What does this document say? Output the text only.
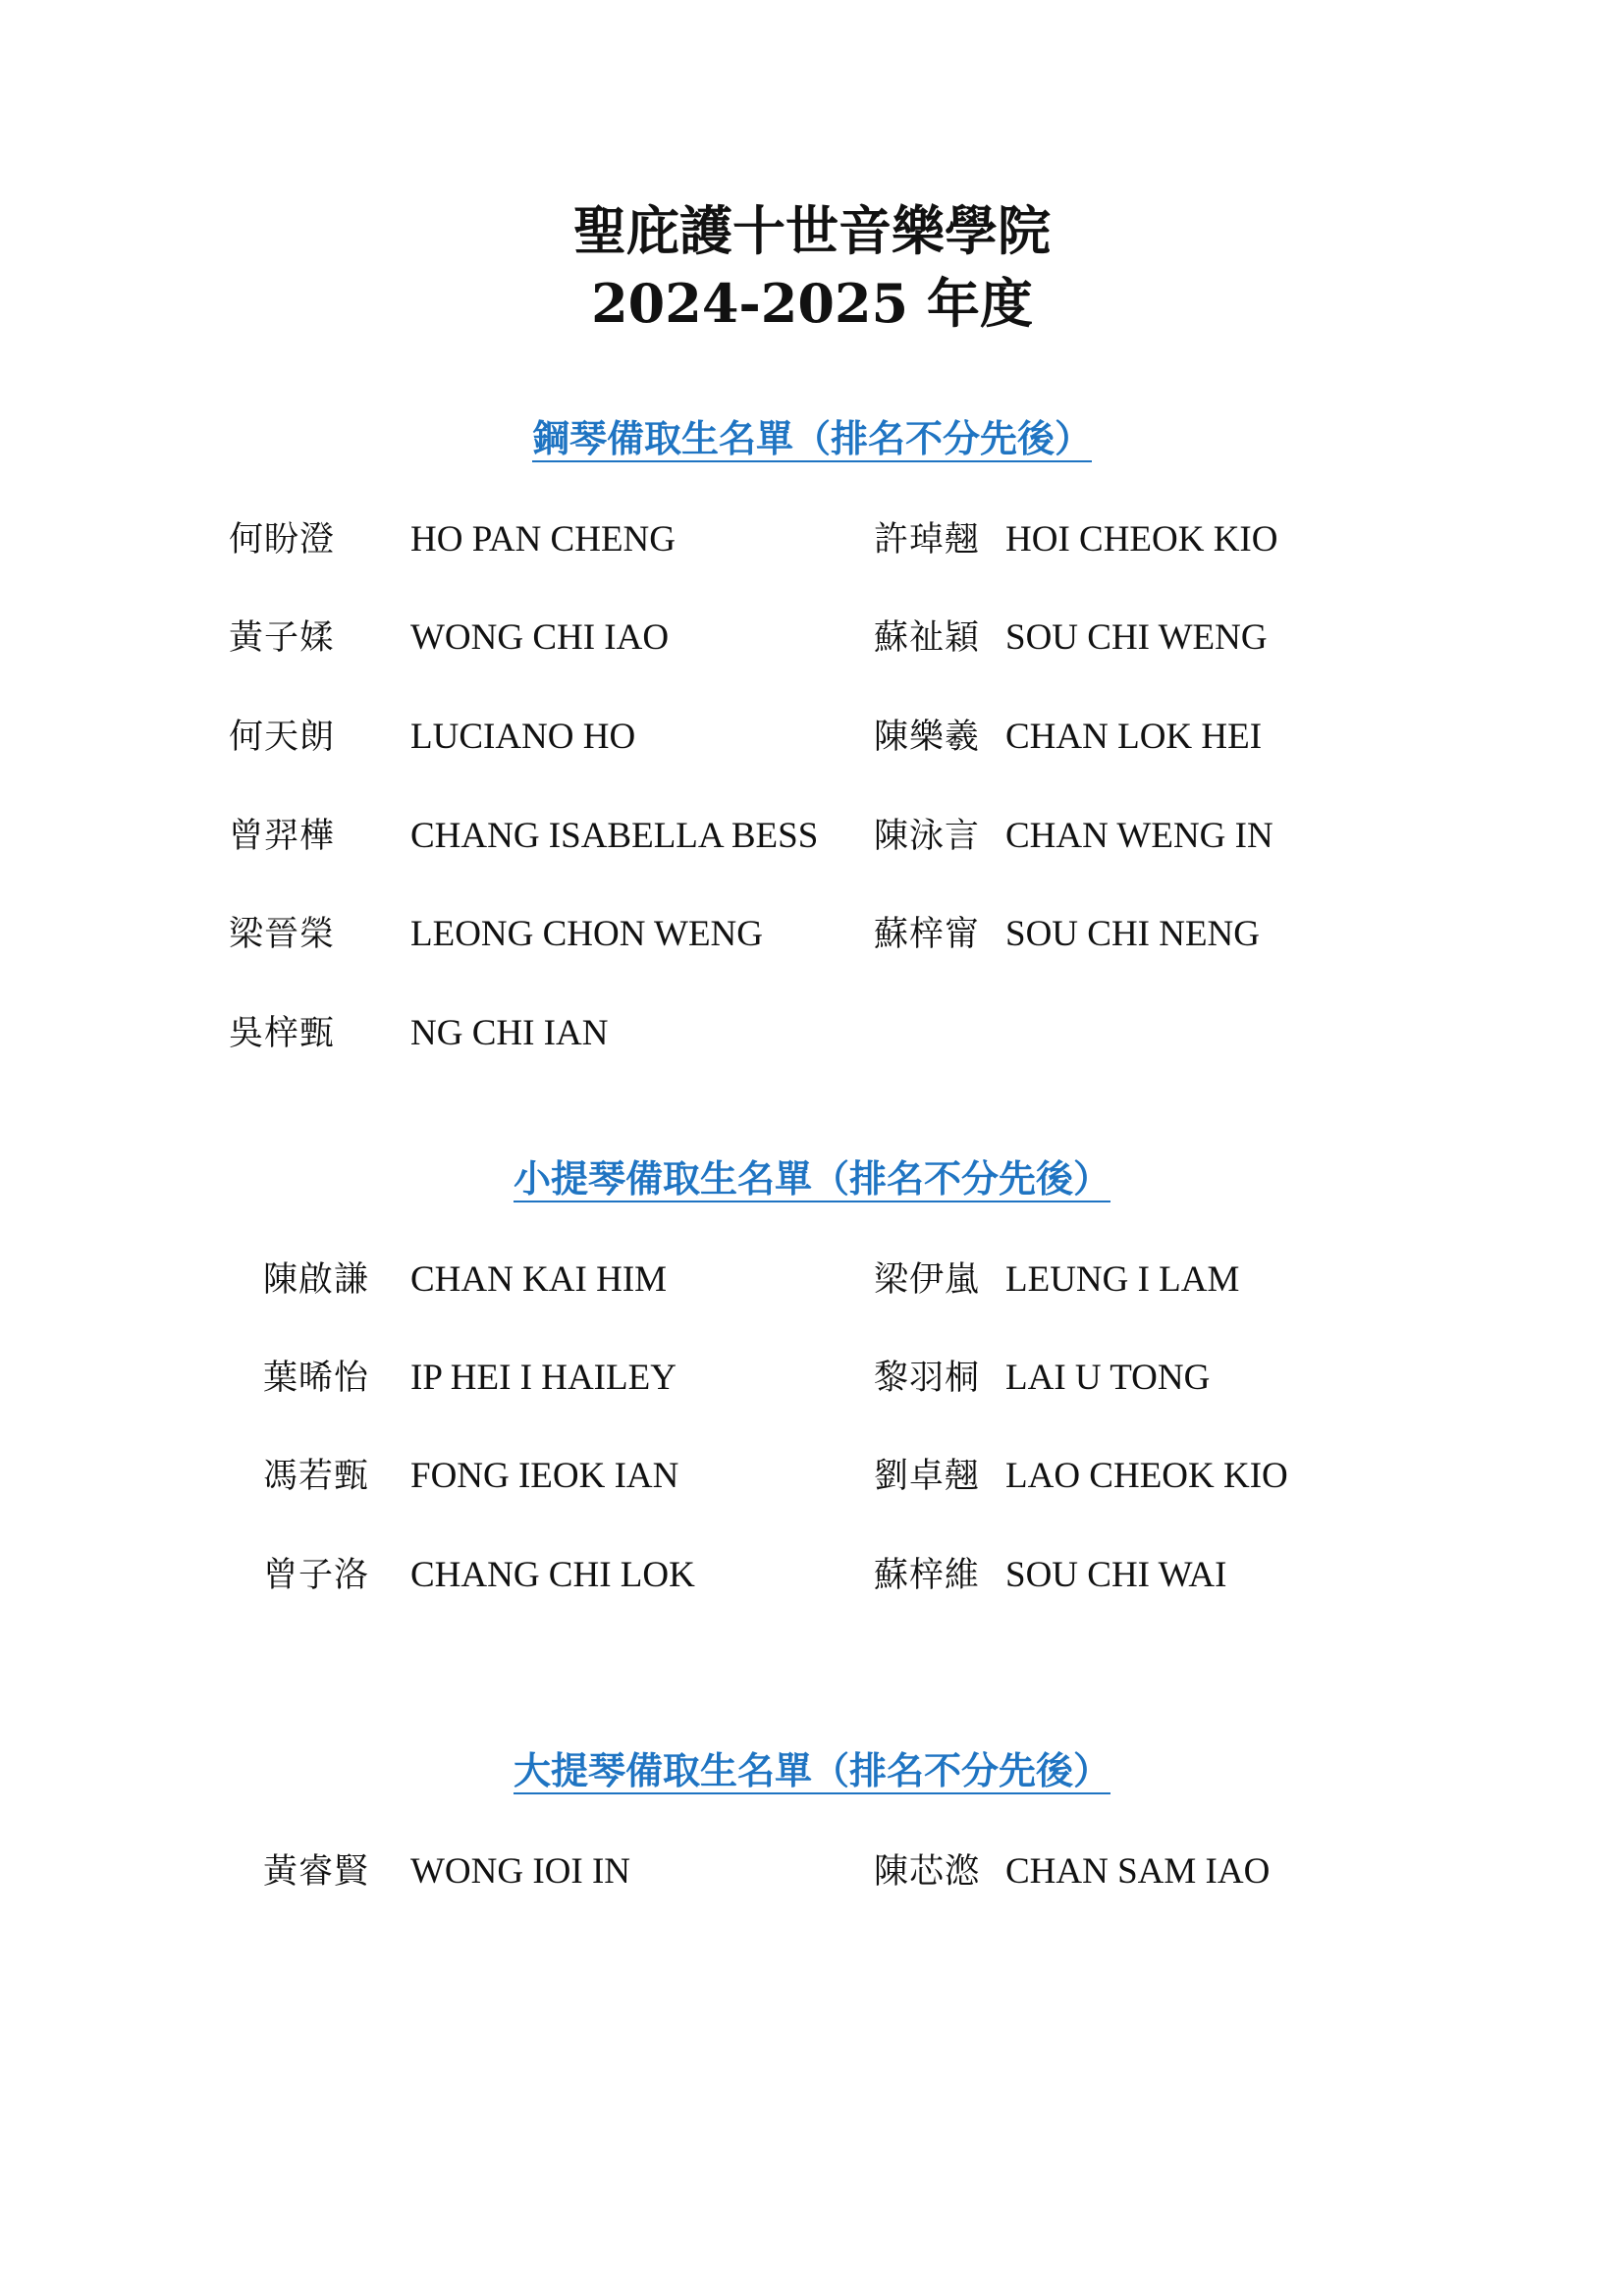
聖庇護十世音樂學院
2024-2025 年度
鋼琴備取生名單（排名不分先後）
何盼澄 HO PAN CHENG	許琸翹 HOI CHEOK KIO
黃子媃 WONG CHI IAO	蘇祉穎 SOU CHI WENG
何天朗 LUCIANO HO	陳樂羲 CHAN LOK HEI
曾羿樺 CHANG ISABELLA BESS 陳泳言 CHAN WENG IN
梁晉榮 LEONG CHON WENG	蘇梓甯 SOU CHI NENG
吳梓甄 NG CHI IAN
小提琴備取生名單（排名不分先後）
陳啟謙 CHAN KAI HIM	梁伊嵐 LEUNG I LAM
葉晞怡 IP HEI I HAILEY	黎羽桐 LAI U TONG
馮若甄 FONG IEOK IAN	劉卓翹 LAO CHEOK KIO
曾子洛 CHANG CHI LOK	蘇梓維 SOU CHI WAI
大提琴備取生名單（排名不分先後）
黃睿賢 WONG IOI IN	陳芯滺 CHAN SAM IAO
